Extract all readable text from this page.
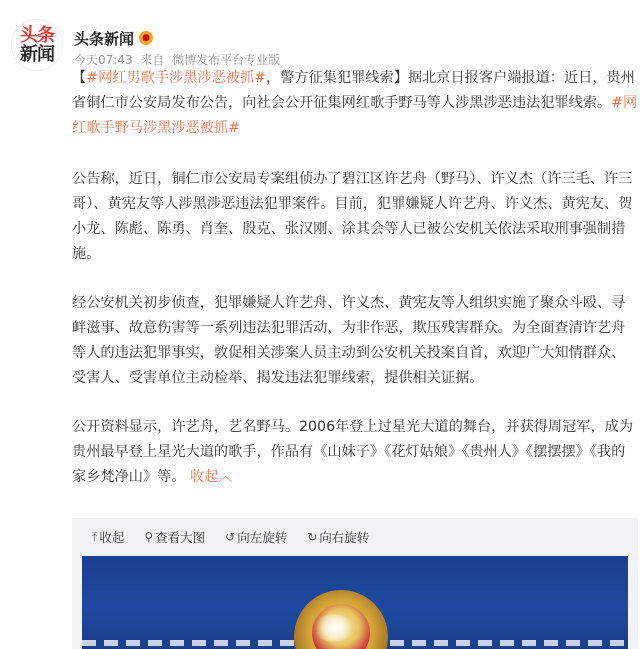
头条
新闻
头条新闻 ●
今天07:43 来自 微博发布平台专业版

【#网红男歌手涉黑涉恶被抓#，警方征集犯罪线索】据北京日报客户端报道：近日，贵州省铜仁市公安局发布公告，向社会公开征集网红歌手野马等人涉黑涉恶违法犯罪线索。#网红歌手野马涉黑涉恶被抓#

公告称，近日，铜仁市公安局专案组侦办了碧江区许艺舟（野马）、许义杰（许三毛、许三哥）、黄宪友等人涉黑涉恶违法犯罪案件。目前，犯罪嫌疑人许艺舟、许义杰、黄宪友、贺小龙、陈彪、陈勇、肖奎、殷克、张汉刚、涂其会等人已被公安机关依法采取刑事强制措施。

经公安机关初步侦查，犯罪嫌疑人许艺舟、许义杰、黄宪友等人组织实施了聚众斗殴、寻衅滋事、故意伤害等一系列违法犯罪活动，为非作恶，欺压残害群众。为全面查清许艺舟等人的违法犯罪事实，敦促相关涉案人员主动到公安机关投案自首，欢迎广大知情群众、受害人、受害单位主动检举、揭发违法犯罪线索，提供相关证据。

公开资料显示，许艺舟，艺名野马。2006年登上过星光大道的舞台，并获得周冠军，成为贵州最早登上星光大道的歌手，作品有《山妹子》《花灯姑娘》《贵州人》《摆摆摆》《我的家乡梵净山》等。 收起︿

⤒ 收起 ⚲ 查看大图 ↺ 向左旋转 ↻ 向右旋转
